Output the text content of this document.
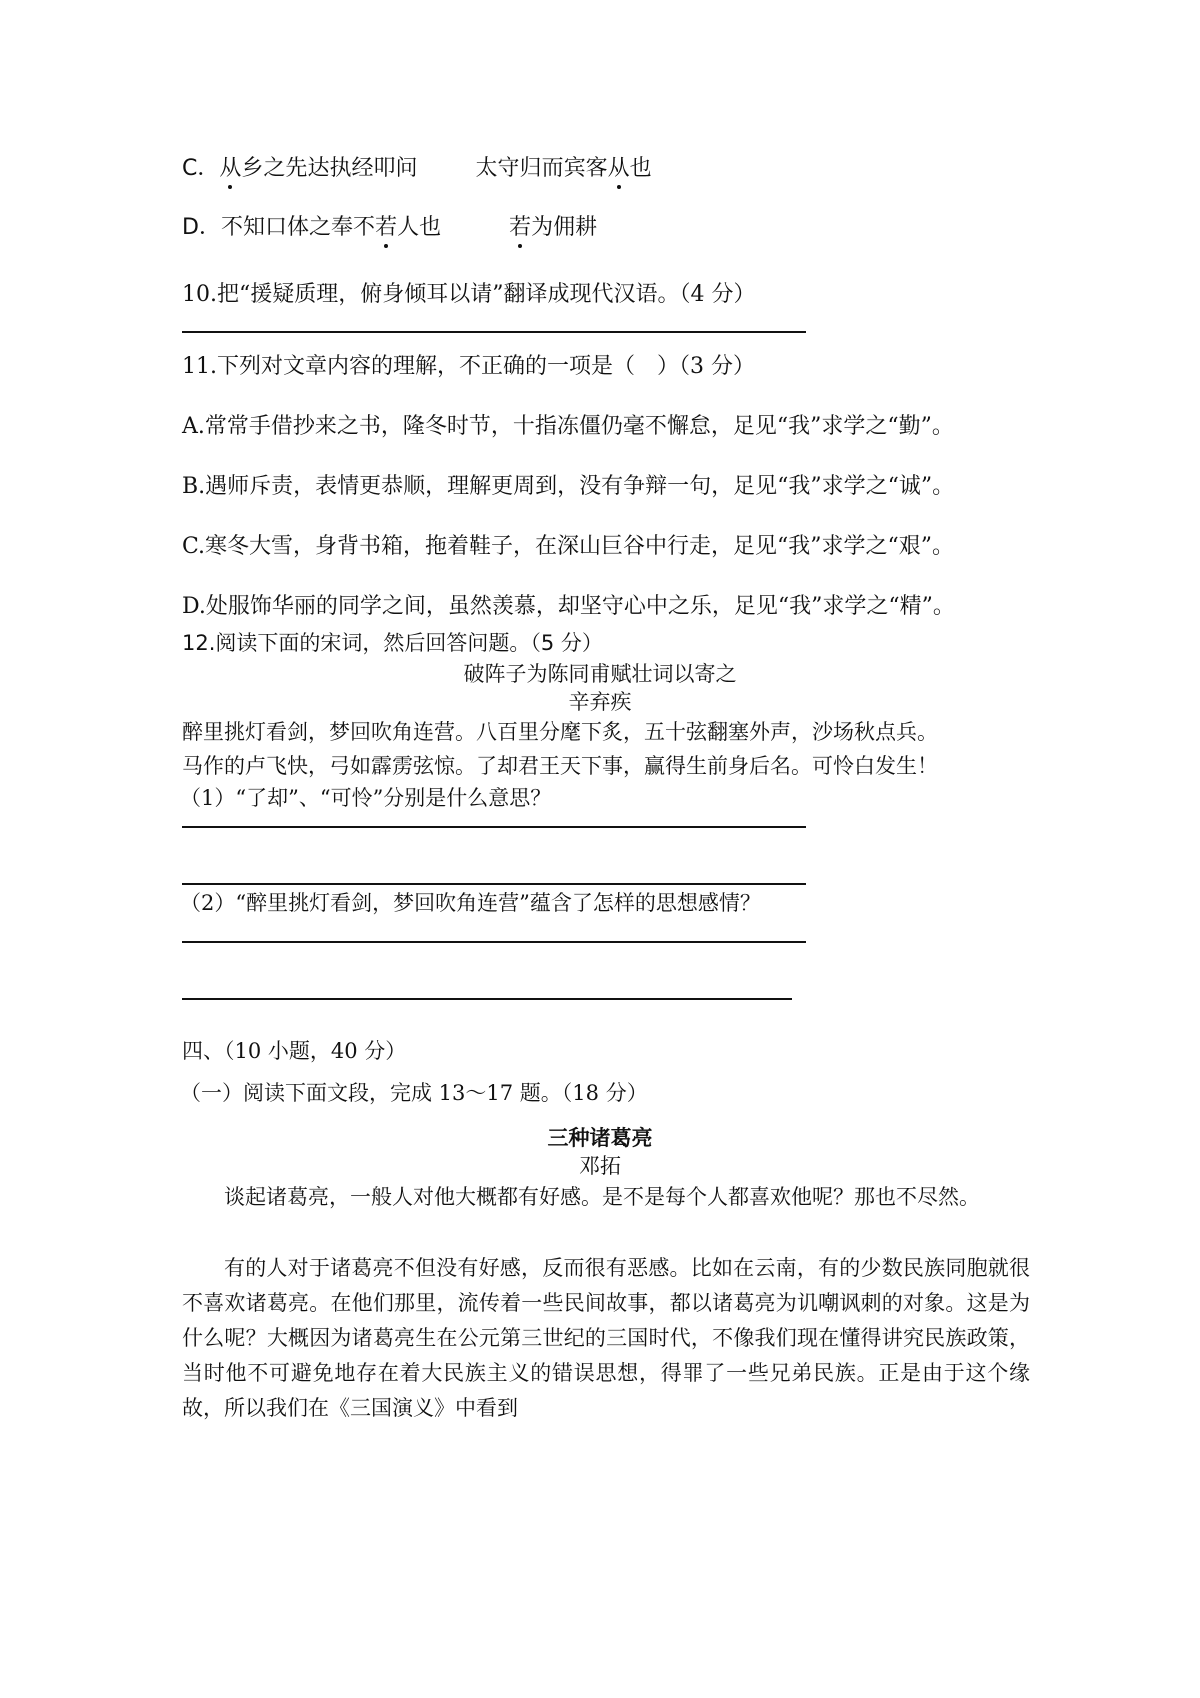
C．从乡之先达执经叩问	太守归而宾客从也
D．不知口体之奉不若人也	若为佣耕
10.把“援疑质理，俯身倾耳以请”翻译成现代汉语。（4 分）
11.下列对文章内容的理解，不正确的一项是（　）（3 分）
A.常常手借抄来之书，隆冬时节，十指冻僵仍毫不懈怠，足见“我”求学之“勤”。
B.遇师斥责，表情更恭顺，理解更周到，没有争辩一句，足见“我”求学之“诚”。
C.寒冬大雪，身背书箱，拖着鞋子，在深山巨谷中行走，足见“我”求学之“艰”。
D.处服饰华丽的同学之间，虽然羡慕，却坚守心中之乐，足见“我”求学之“精”。
12.阅读下面的宋词，然后回答问题。（5 分）
破阵子为陈同甫赋壮词以寄之
辛弃疾
醉里挑灯看剑，梦回吹角连营。八百里分麾下炙，五十弦翻塞外声，沙场秋点兵。
马作的卢飞快，弓如霹雳弦惊。了却君王天下事，赢得生前身后名。可怜白发生！
（1）“了却”、“可怜”分别是什么意思？
（2）“醉里挑灯看剑，梦回吹角连营”蕴含了怎样的思想感情？
四、（10 小题，40 分）
（一）阅读下面文段，完成 13～17 题。（18 分）
三种诸葛亮
邓拓
谈起诸葛亮，一般人对他大概都有好感。是不是每个人都喜欢他呢？那也不尽然。
有的人对于诸葛亮不但没有好感，反而很有恶感。比如在云南，有的少数民族同胞就很不喜欢诸葛亮。在他们那里，流传着一些民间故事，都以诸葛亮为讥嘲讽刺的对象。这是为什么呢？大概因为诸葛亮生在公元第三世纪的三国时代，不像我们现在懂得讲究民族政策，当时他不可避免地存在着大民族主义的错误思想，得罪了一些兄弟民族。正是由于这个缘故，所以我们在《三国演义》中看到
